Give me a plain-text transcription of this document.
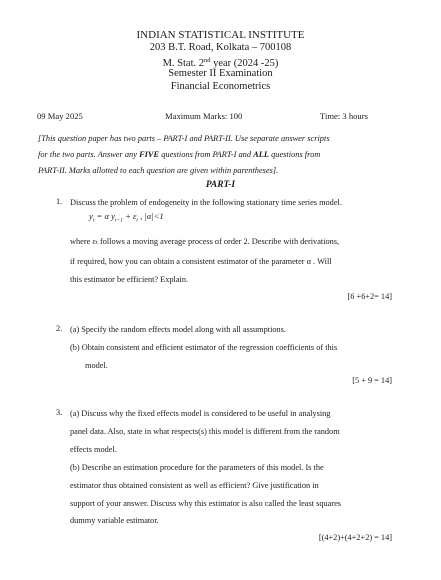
INDIAN STATISTICAL INSTITUTE
203 B.T. Road, Kolkata – 700108
M. Stat. 2nd year (2024 -25)
Semester II Examination
Financial Econometrics
09 May 2025	Maximum Marks: 100	Time: 3 hours
[This question paper has two parts – PART-I and PART-II. Use separate answer scripts
for the two parts. Answer any FIVE questions from PART-I and ALL questions from
PART-II. Marks allotted to each question are given within parentheses].
PART-I
1. Discuss the problem of endogeneity in the following stationary time series model.
$y_t = \alpha$ $y_{t-1} + \varepsilon_t$ , |α|<1
where εₜ follows a moving average process of order 2. Describe with derivations,
if required, how you can obtain a consistent estimator of the parameter α . Will
this estimator be efficient? Explain.
[6 +6+2= 14]
2. (a) Specify the random effects model along with all assumptions.
(b) Obtain consistent and efficient estimator of the regression coefficients of this
model.
[5 + 9 = 14]
3. (a) Discuss why the fixed effects model is considered to be useful in analysing
panel data. Also, state in what respects(s) this model is different from the random
effects model.
(b) Describe an estimation procedure for the parameters of this model. Is the
estimator thus obtained consistent as well as efficient? Give justification in
support of your answer. Discuss why this estimator is also called the least squares
dummy variable estimator.
[(4+2)+(4+2+2) = 14]
